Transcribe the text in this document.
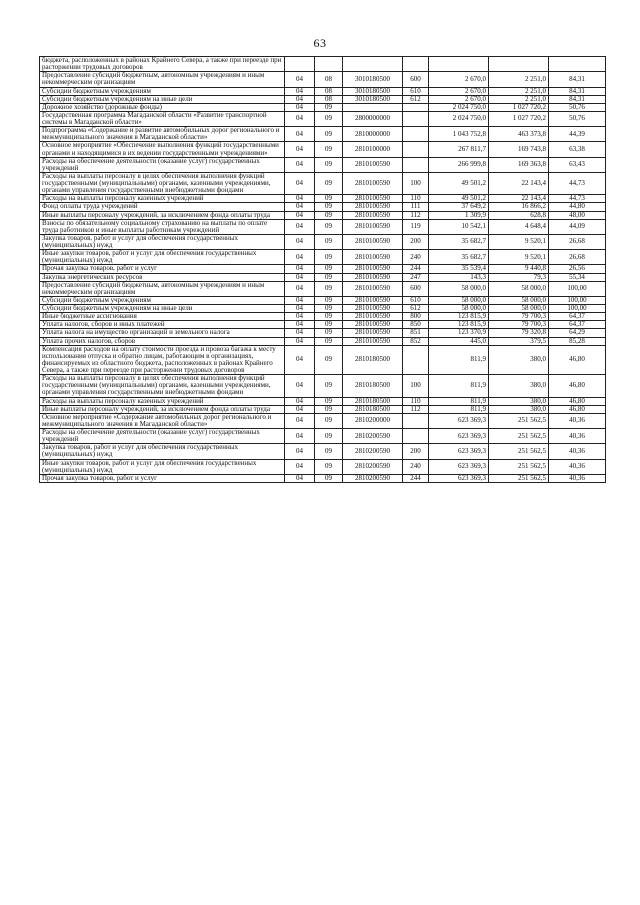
63
бюджета, расположенных в районах Крайнего Севера, а также при переезде при расторжении трудовых договоров							
Предоставление субсидий бюджетным, автономным учреждениям и иным некоммерческим организациям	04	08	3010180500	600	2 670,0	2 251,0	84,31
Субсидии бюджетным учреждениям	04	08	3010180500	610	2 670,0	2 251,0	84,31
Субсидии бюджетным учреждениям на иные цели	04	08	3010180500	612	2 670,0	2 251,0	84,31
Дорожное хозяйство (дорожные фонды)	04	09			2 024 750,0	1 027 720,2	50,76
Государственная программа Магаданской области «Развитие транспортной системы в Магаданской области»	04	09	2800000000		2 024 750,0	1 027 720,2	50,76
Подпрограмма «Содержание и развитие автомобильных дорог регионального и межмуниципального значения в Магаданской области»	04	09	2810000000		1 043 752,8	463 373,8	44,39
Основное мероприятие «Обеспечение выполнения функций государственными органами и находящимися в их ведении государственными учреждениями»	04	09	2810100000		267 811,7	169 743,8	63,38
Расходы на обеспечение деятельности (оказание услуг) государственных учреждений	04	09	2810100590		266 999,8	169 363,8	63,43
Расходы на выплаты персоналу в целях обеспечения выполнения функций государственными (муниципальными) органами, казенными учреждениями, органами управления государственными внебюджетными фондами	04	09	2810100590	100	49 501,2	22 143,4	44,73
Расходы на выплаты персоналу казенных учреждений	04	09	2810100590	110	49 501,2	22 143,4	44,73
Фонд оплаты труда учреждений	04	09	2810100590	111	37 649,2	16 866,2	44,80
Иные выплаты персоналу учреждений, за исключением фонда оплаты труда	04	09	2810100590	112	1 309,9	628,8	48,00
Взносы по обязательному социальному страхованию на выплаты по оплате труда работников и иные выплаты работникам учреждений	04	09	2810100590	119	10 542,1	4 648,4	44,09
Закупка товаров, работ и услуг для обеспечения государственных (муниципальных) нужд	04	09	2810100590	200	35 682,7	9 520,1	26,68
Иные закупки товаров, работ и услуг для обеспечения государственных (муниципальных) нужд	04	09	2810100590	240	35 682,7	9 520,1	26,68
Прочая закупка товаров, работ и услуг	04	09	2810100590	244	35 539,4	9 440,8	26,56
Закупка энергетических ресурсов	04	09	2810100590	247	143,3	79,3	55,34
Предоставление субсидий бюджетным, автономным учреждениям и иным некоммерческим организациям	04	09	2810100590	600	58 000,0	58 000,0	100,00
Субсидии бюджетным учреждениям	04	09	2810100590	610	58 000,0	58 000,0	100,00
Субсидии бюджетным учреждениям на иные цели	04	09	2810100590	612	58 000,0	58 000,0	100,00
Иные бюджетные ассигнования	04	09	2810100590	800	123 815,9	79 700,3	64,37
Уплата налогов, сборов и иных платежей	04	09	2810100590	850	123 815,9	79 700,3	64,37
Уплата налога на имущество организаций и земельного налога	04	09	2810100590	851	123 370,9	79 320,8	64,29
Уплата прочих налогов, сборов	04	09	2810100590	852	445,0	379,5	85,28
Компенсация расходов на оплату стоимости проезда и провоза багажа к месту использования отпуска и обратно лицам, работающим в организациях, финансируемых из областного бюджета, расположенных в районах Крайнего Севера, а также при переезде при расторжении трудовых договоров	04	09	2810180500		811,9	380,0	46,80
Расходы на выплаты персоналу в целях обеспечения выполнения функций государственными (муниципальными) органами, казенными учреждениями, органами управления государственными внебюджетными фондами	04	09	2810180500	100	811,9	380,0	46,80
Расходы на выплаты персоналу казенных учреждений	04	09	2810180500	110	811,9	380,0	46,80
Иные выплаты персоналу учреждений, за исключением фонда оплаты труда	04	09	2810180500	112	811,9	380,0	46,80
Основное мероприятие «Содержание автомобильных дорог регионального и межмуниципального значения в Магаданской области»	04	09	2810200000		623 369,3	251 562,5	40,36
Расходы на обеспечение деятельности (оказание услуг) государственных учреждений	04	09	2810200590		623 369,3	251 562,5	40,36
Закупка товаров, работ и услуг для обеспечения государственных (муниципальных) нужд	04	09	2810200590	200	623 369,3	251 562,5	40,36
Иные закупки товаров, работ и услуг для обеспечения государственных (муниципальных) нужд	04	09	2810200590	240	623 369,3	251 562,5	40,36
Прочая закупка товаров, работ и услуг	04	09	2810200590	244	623 369,3	251 562,5	40,36
